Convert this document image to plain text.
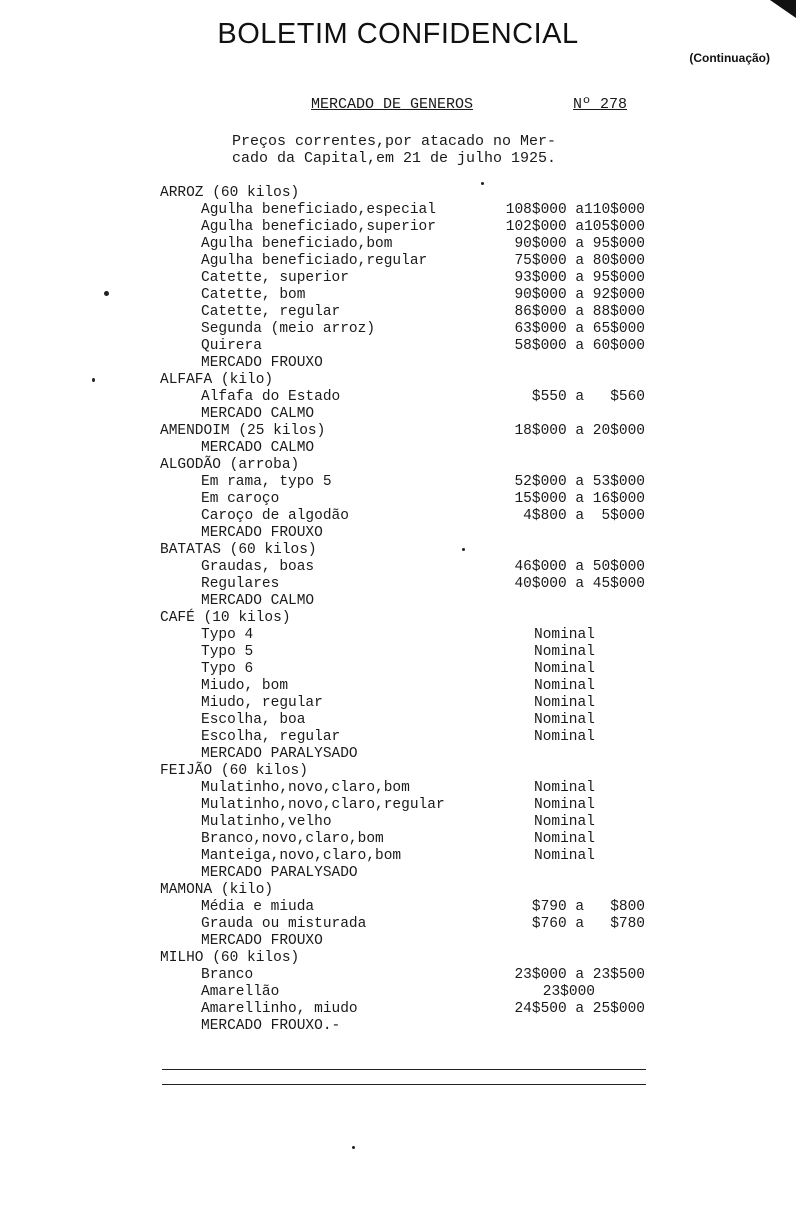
BOLETIM CONFIDENCIAL
(Continuação)
MERCADO DE GENEROS	Nº 278
Preços correntes,por atacado no Mer-
cado da Capital,em 21 de julho 1925.
ARROZ (60 kilos)
Agulha beneficiado,especial	108$000 a110$000
Agulha beneficiado,superior	102$000 a105$000
Agulha beneficiado,bom	90$000 a 95$000
Agulha beneficiado,regular	75$000 a 80$000
Catette, superior	93$000 a 95$000
Catette, bom	90$000 a 92$000
Catette, regular	86$000 a 88$000
Segunda (meio arroz)	63$000 a 65$000
Quirera	58$000 a 60$000
MERCADO FROUXO
ALFAFA (kilo)
Alfafa do Estado	$550 a   $560
MERCADO CALMO
AMENDOIM (25 kilos)	18$000 a 20$000
MERCADO CALMO
ALGODÃO (arroba)
Em rama, typo 5	52$000 a 53$000
Em caroço	15$000 a 16$000
Caroço de algodão	4$800 a  5$000
MERCADO FROUXO
BATATAS (60 kilos)
Graudas, boas	46$000 a 50$000
Regulares	40$000 a 45$000
MERCADO CALMO
CAFÉ (10 kilos)
Typo 4	Nominal
Typo 5	Nominal
Typo 6	Nominal
Miudo, bom	Nominal
Miudo, regular	Nominal
Escolha, boa	Nominal
Escolha, regular	Nominal
MERCADO PARALYSADO
FEIJÃO (60 kilos)
Mulatinho,novo,claro,bom	Nominal
Mulatinho,novo,claro,regular	Nominal
Mulatinho,velho	Nominal
Branco,novo,claro,bom	Nominal
Manteiga,novo,claro,bom	Nominal
MERCADO PARALYSADO
MAMONA (kilo)
Média e miuda	$790 a   $800
Grauda ou misturada	$760 a   $780
MERCADO FROUXO
MILHO (60 kilos)
Branco	23$000 a 23$500
Amarellão	23$000
Amarellinho, miudo	24$500 a 25$000
MERCADO FROUXO.-
